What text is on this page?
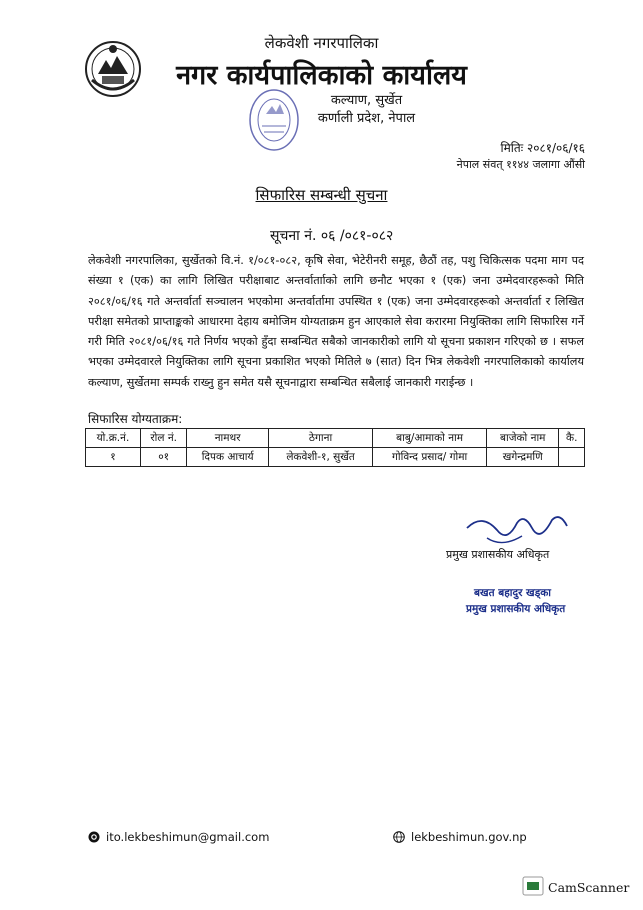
लेकवेशी नगरपालिका
नगर कार्यपालिकाको कार्यालय
कल्याण, सुर्खेत
कर्णाली प्रदेश, नेपाल
मितिः २०८१/०६/१६
नेपाल संवत् ११४४ जलागा औंसी
सिफारिस सम्बन्धी सुचना
सूचना नं. ०६ /०८१-०८२
लेकवेशी नगरपालिका, सुर्खेतको वि.नं. १/०८१-०८२, कृषि सेवा, भेटेरीनरी समूह, छैठौं तह, पशु चिकित्सक पदमा माग पद संख्या १ (एक) का लागि लिखित परीक्षाबाट अन्तर्वार्तााको लागि छनौट भएका १ (एक) जना उम्मेदवारहरूको मिति २०८१/०६/१६ गते अन्तर्वार्ता सञ्चालन भएकोमा अन्तर्वार्तामा उपस्थित १ (एक) जना उम्मेदवारहरूको अन्तर्वार्ता र लिखित परीक्षा समेतको प्राप्ताङ्कको आधारमा देहाय बमोजिम योग्यताक्रम हुन आएकाले सेवा करारमा नियुक्तिका लागि सिफारिस गर्ने गरी मिति २०८१/०६/१६ गते निर्णय भएको हुँदा सम्बन्धित सबैको जानकारीको लागि यो सूचना प्रकाशन गरिएको छ । सफल भएका उम्मेदवारले नियुक्तिका लागि सूचना प्रकाशित भएको मितिले ७ (सात) दिन भित्र लेकवेशी नगरपालिकाको कार्यालय कल्याण, सुर्खेतमा सम्पर्क राख्नु हुन समेत यसै सूचनाद्वारा सम्बन्धित सबैलाई जानकारी गराईन्छ ।
सिफारिस योग्यताक्रम:
यो.क्र.नं.	रोल नं.	नामथर	ठेगाना	बाबु/आमाको नाम	बाजेको नाम	कै.
१	०१	दिपक आचार्य	लेकवेशी-१, सुर्खेत	गोविन्द प्रसाद/ गोमा	खगेन्द्रमणि	
प्रमुख प्रशासकीय अधिकृत
बखत बहादुर खड्का
प्रमुख प्रशासकीय अधिकृत
ito.lekbeshimun@gmail.com	lekbeshimun.gov.np
CamScanner
